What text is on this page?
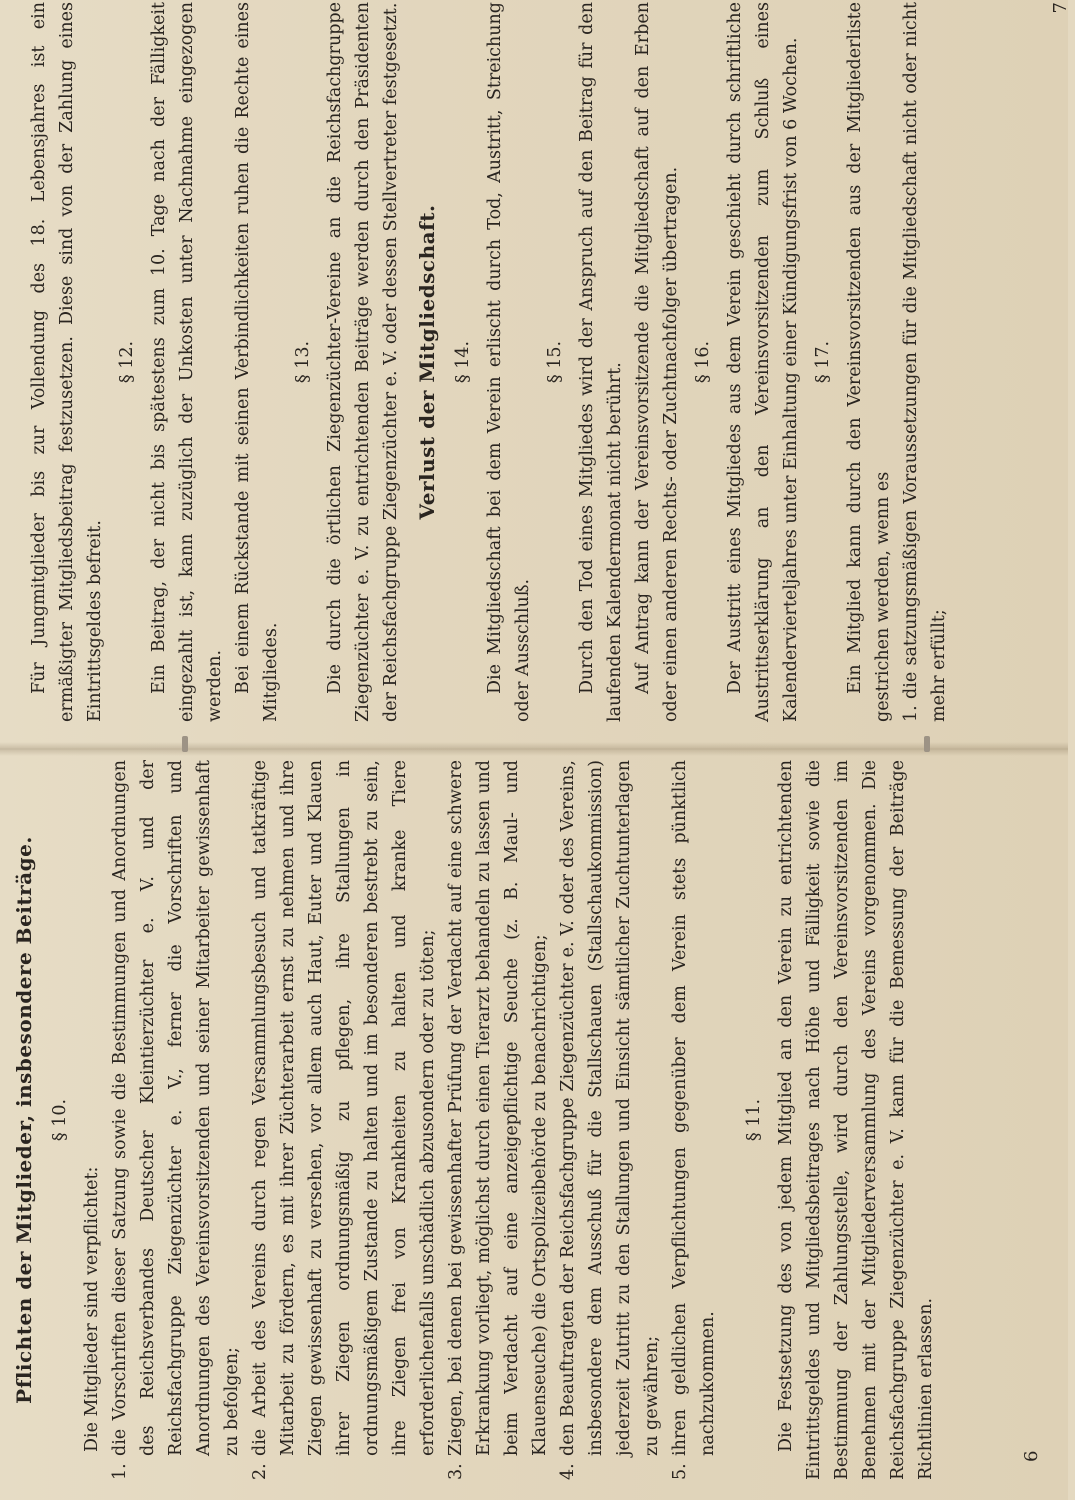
Pflichten der Mitglieder, insbesondere Beiträge. § 10.

Die Mitglieder sind verpflichtet:

1.
die Vorschriften dieser Satzung sowie die Bestimmungen und Anordnungen des Reichsverbandes Deutscher Kleintierzüchter e. V. und der Reichsfachgruppe Ziegenzüchter e. V., ferner die Vorschriften und Anordnungen des Vereinsvorsitzenden und seiner Mitarbeiter gewissenhaft zu befolgen;
2.
die Arbeit des Vereins durch regen Versammlungsbesuch und tatkräftige Mitarbeit zu fördern, es mit ihrer Züchterarbeit ernst zu nehmen und ihre Ziegen gewissenhaft zu versehen, vor allem auch Haut, Euter und Klauen ihrer Ziegen ordnungsmäßig zu pflegen, ihre Stallungen in ordnungsmäßigem Zustande zu halten und im besonderen bestrebt zu sein, ihre Ziegen frei von Krankheiten zu halten und kranke Tiere erforderlichenfalls unschädlich abzusondern oder zu töten;
3.
Ziegen, bei denen bei gewissenhafter Prüfung der Verdacht auf eine schwere Erkrankung vorliegt, möglichst durch einen Tierarzt behandeln zu lassen und beim Verdacht auf eine anzeigepflichtige Seuche (z. B. Maul- und Klauenseuche) die Ortspolizeibehörde zu benachrichtigen;
4.
den Beauftragten der Reichsfachgruppe Ziegenzüchter e. V. oder des Vereins, insbesondere dem Ausschuß für die Stallschauen (Stallschaukommission) jederzeit Zutritt zu den Stallungen und Einsicht sämtlicher Zuchtunterlagen zu gewähren;
5.
ihren geldlichen Verpflichtungen gegenüber dem Verein stets pünktlich nachzukommen.
§ 11. Die Festsetzung des von jedem Mitglied an den Verein zu entrichtenden Eintrittsgeldes und Mitgliedsbeitrages nach Höhe und Fälligkeit sowie die Bestimmung der Zahlungsstelle, wird durch den Vereinsvorsitzenden im Benehmen mit der Mitgliederversammlung des Vereins vorgenommen. Die Reichsfachgruppe Ziegenzüchter e. V. kann für die Bemessung der Beiträge Richtlinien erlassen.	6

Für Jungmitglieder bis zur Vollendung des 18. Lebensjahres ist ein ermäßigter Mitgliedsbeitrag festzusetzen. Diese sind von der Zahlung eines Eintrittsgeldes befreit.

§ 12. Ein Beitrag, der nicht bis spätestens zum 10. Tage nach der Fälligkeit eingezahlt ist, kann zuzüglich der Unkosten unter Nachnahme eingezogen werden. Bei einem Rückstande mit seinen Verbindlichkeiten ruhen die Rechte eines Mitgliedes.

§ 13. Die durch die örtlichen Ziegenzüchter-Vereine an die Reichsfachgruppe Ziegenzüchter e. V. zu entrichtenden Beiträge werden durch den Präsidenten der Reichsfachgruppe Ziegenzüchter e. V. oder dessen Stellvertreter festgesetzt. Verlust der Mitgliedschaft. § 14. Die Mitgliedschaft bei dem Verein erlischt durch Tod, Austritt, Streichung oder Ausschluß.

§ 15. Durch den Tod eines Mitgliedes wird der Anspruch auf den Beitrag für den laufenden Kalendermonat nicht berührt. Auf Antrag kann der Vereinsvorsitzende die Mitgliedschaft auf den Erben oder einen anderen Rechts- oder Zuchtnachfolger übertragen. § 16. Der Austritt eines Mitgliedes aus dem Verein geschieht durch schriftliche Austrittserklärung an den Vereinsvorsitzenden zum Schluß eines Kalendervierteljahres unter Einhaltung einer Kündigungsfrist von 6 Wochen. § 17. Ein Mitglied kann durch den Vereinsvorsitzenden aus der Mitgliederliste gestrichen werden, wenn es 1. die satzungsmäßigen Voraussetzungen für die Mitgliedschaft nicht oder nicht mehr erfüllt;

7
